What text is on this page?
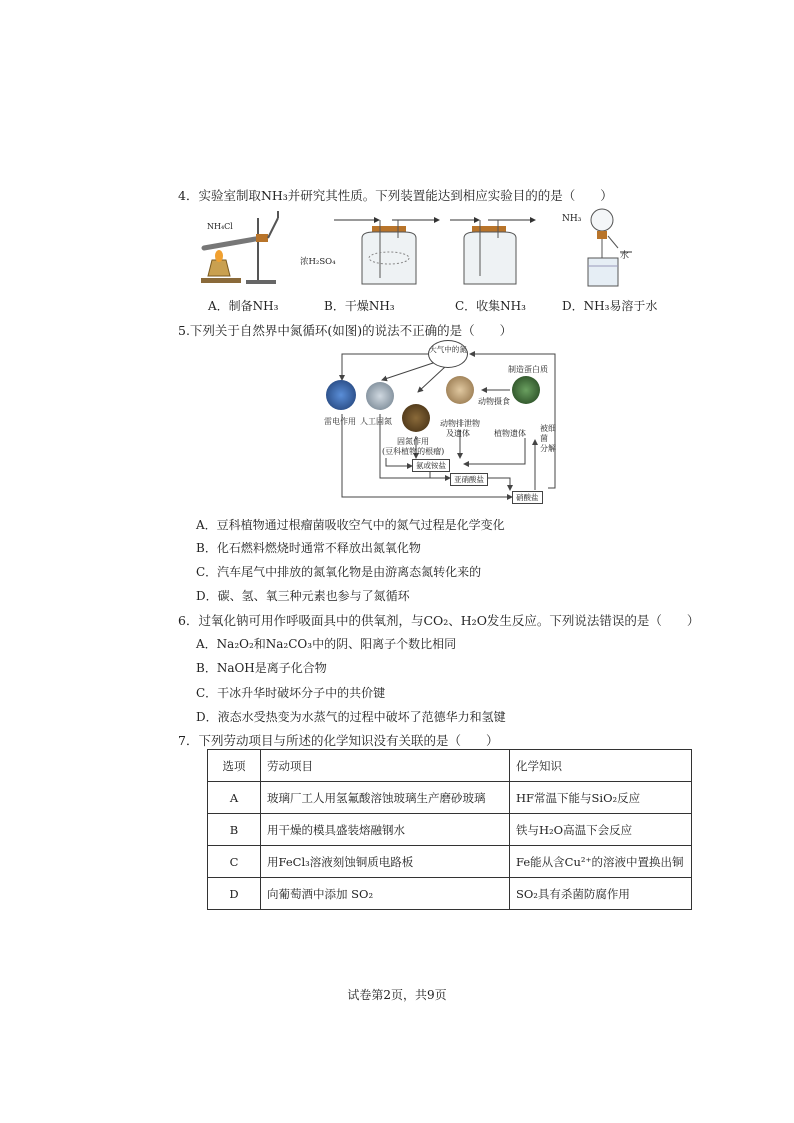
4．实验室制取NH₃并研究其性质。下列装置能达到相应实验目的的是（　　）
NH₄Cl
浓H₂SO₄
NH₃
水
A．制备NH₃	B．干燥NH₃	C．收集NH₃	D．NH₃易溶于水
5.下列关于自然界中氮循环(如图)的说法不正确的是（　　）
大气中的氮
雷电作用 人工固氮
固氮作用
(豆科植物的根瘤)
动物排泄物
及遗体
动物摄食
制造蛋白质
植物遗体
被细
菌
分解
氨或铵盐
亚硝酸盐
硝酸盐
A．豆科植物通过根瘤菌吸收空气中的氮气过程是化学变化
B．化石燃料燃烧时通常不释放出氮氧化物
C．汽车尾气中排放的氮氧化物是由游离态氮转化来的
D．碳、氢、氧三种元素也参与了氮循环
6．过氧化钠可用作呼吸面具中的供氧剂，与CO₂、H₂O发生反应。下列说法错误的是（　　）
A．Na₂O₂和Na₂CO₃中的阴、阳离子个数比相同
B．NaOH是离子化合物
C．干冰升华时破坏分子中的共价键
D．液态水受热变为水蒸气的过程中破坏了范德华力和氢键
7．下列劳动项目与所述的化学知识没有关联的是（　　）
选项	劳动项目	化学知识
A	玻璃厂工人用氢氟酸溶蚀玻璃生产磨砂玻璃	HF常温下能与SiO₂反应
B	用干燥的模具盛装熔融钢水	铁与H₂O高温下会反应
C	用FeCl₃溶液刻蚀铜质电路板	Fe能从含Cu²⁺的溶液中置换出铜
D	向葡萄酒中添加 SO₂	SO₂具有杀菌防腐作用
试卷第2页，共9页
